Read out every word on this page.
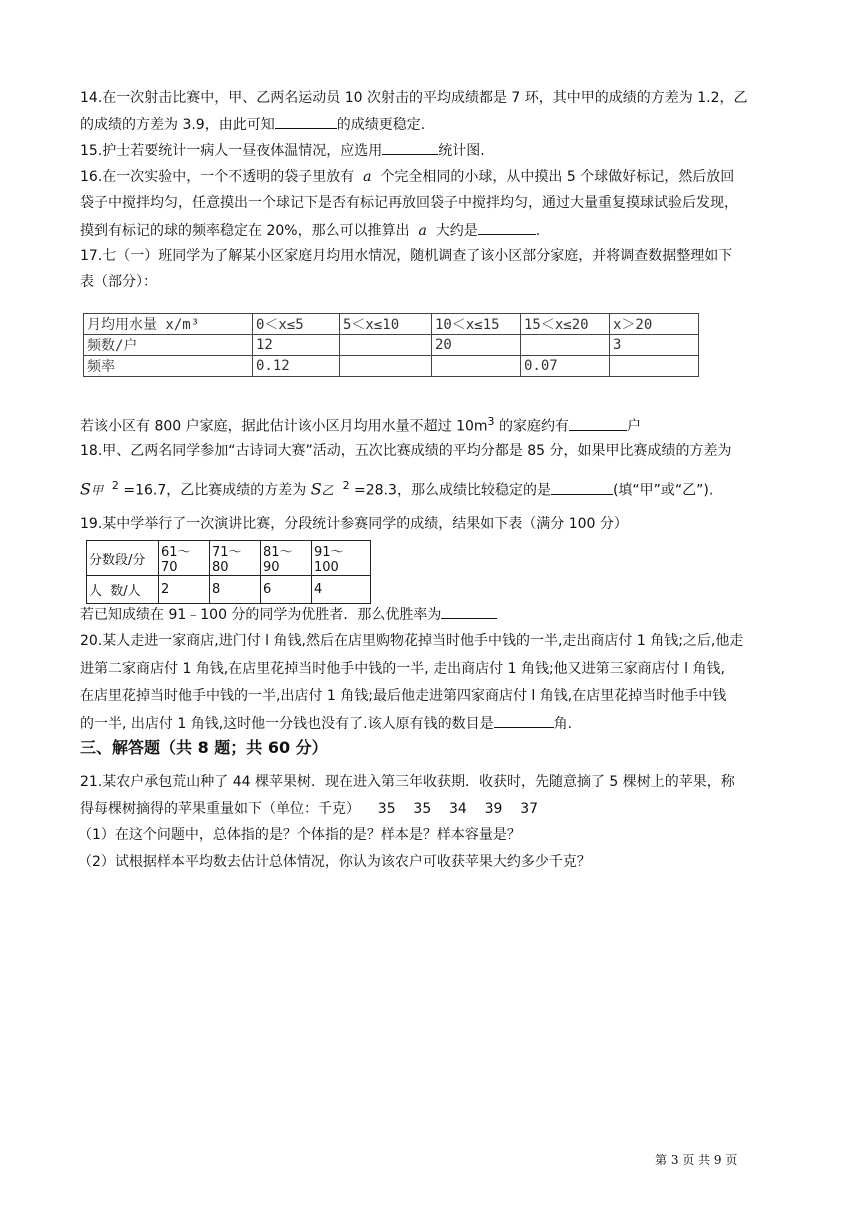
14.在一次射击比赛中，甲、乙两名运动员 10 次射击的平均成绩都是 7 环，其中甲的成绩的方差为 1.2，乙
的成绩的方差为 3.9，由此可知	的成绩更稳定.
15.护士若要统计一病人一昼夜体温情况，应选用	统计图.
16.在一次实验中，一个不透明的袋子里放有 a 个完全相同的小球，从中摸出 5 个球做好标记，然后放回
袋子中搅拌均匀，任意摸出一个球记下是否有标记再放回袋子中搅拌均匀，通过大量重复摸球试验后发现，
摸到有标记的球的频率稳定在 20%，那么可以推算出 a 大约是	.
17.七（一）班同学为了解某小区家庭月均用水情况，随机调查了该小区部分家庭，并将调查数据整理如下
表（部分）：
月均用水量 x/m³	0＜x≤5	5＜x≤10	10＜x≤15	15＜x≤20	x＞20
频数/户	12		20		3
频率	0.12			0.07	
若该小区有 800 户家庭，据此估计该小区月均用水量不超过 $10m^3$ 的家庭约有	户
18.甲、乙两名同学参加“古诗词大赛”活动，五次比赛成绩的平均分都是 85 分，如果甲比赛成绩的方差为
S甲 $^2$ =16.7，乙比赛成绩的方差为 S乙 $^2$ =28.3，那么成绩比较稳定的是	(填“甲”或“乙”).
19.某中学举行了一次演讲比赛，分段统计参赛同学的成绩，结果如下表（满分 100 分）
分数段/分	61～70	71～80	81～90	91～100
人  数/人	2	8	6	4
若已知成绩在 91﹣100 分的同学为优胜者．那么优胜率为
20.某人走进一家商店,进门付 l 角钱,然后在店里购物花掉当时他手中钱的一半,走出商店付 1 角钱;之后,他走
进第二家商店付 1 角钱,在店里花掉当时他手中钱的一半, 走出商店付 1 角钱;他又进第三家商店付 l 角钱,
在店里花掉当时他手中钱的一半,出店付 1 角钱;最后他走进第四家商店付 l 角钱,在店里花掉当时他手中钱
的一半, 出店付 1 角钱,这时他一分钱也没有了.该人原有钱的数目是	角.
三、解答题（共 8 题；共 60 分）
21.某农户承包荒山种了 44 棵苹果树．现在进入第三年收获期．收获时，先随意摘了 5 棵树上的苹果，称
得每棵树摘得的苹果重量如下（单位：千克）    35    35    34    39    37
（1）在这个问题中，总体指的是？个体指的是？样本是？样本容量是？
（2）试根据样本平均数去估计总体情况，你认为该农户可收获苹果大约多少千克？
第 3 页 共 9 页
